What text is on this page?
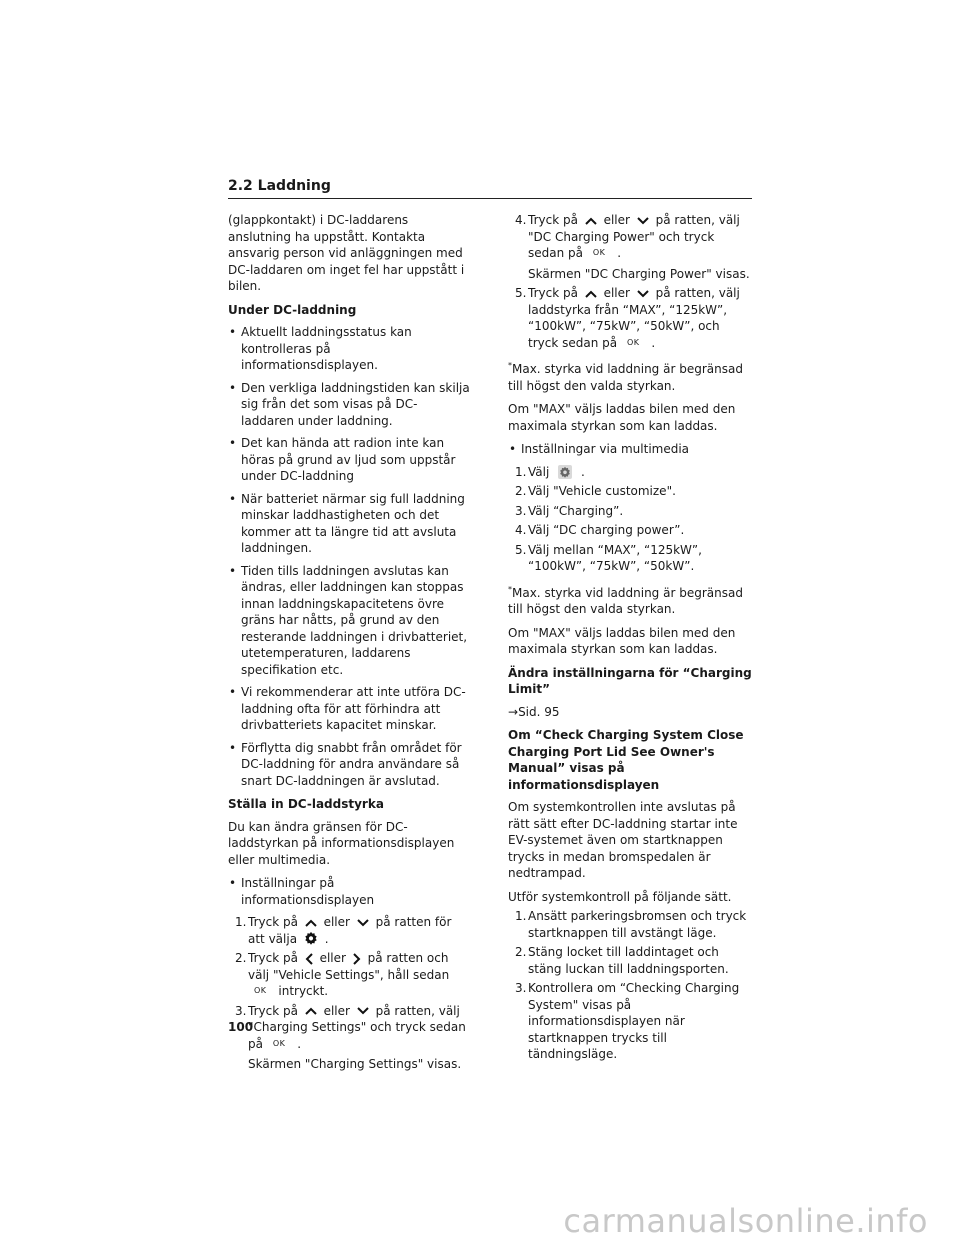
2.2 Laddning

(glappkontakt) i DC-laddarens anslutning ha uppstått. Kontakta ansvarig person vid anläggningen med DC-laddaren om inget fel har uppstått i bilen.

Under DC-laddning

• Aktuellt laddningsstatus kan kontrolleras på informationsdisplayen.
• Den verkliga laddningstiden kan skilja sig från det som visas på DC-laddaren under laddning.
• Det kan hända att radion inte kan höras på grund av ljud som uppstår under DC-laddning
• När batteriet närmar sig full laddning minskar laddhastigheten och det kommer att ta längre tid att avsluta laddningen.
• Tiden tills laddningen avslutas kan ändras, eller laddningen kan stoppas innan laddningskapacitetens övre gräns har nåtts, på grund av den resterande laddningen i drivbatteriet, utetemperaturen, laddarens specifikation etc.
• Vi rekommenderar att inte utföra DC-laddning ofta för att förhindra att drivbatteriets kapacitet minskar.
• Förflytta dig snabbt från området för DC-laddning för andra användare så snart DC-laddningen är avslutad.

Ställa in DC-laddstyrka

Du kan ändra gränsen för DC-laddstyrkan på informationsdisplayen eller multimedia.

• Inställningar på informationsdisplayen
1. Tryck på eller på ratten för att välja .
2. Tryck på eller på ratten och välj "Vehicle Settings", håll sedan OK intryckt.
3. Tryck på eller på ratten, välj "Charging Settings" och tryck sedan på OK .
Skärmen "Charging Settings" visas.
4. Tryck på eller på ratten, välj "DC Charging Power" och tryck sedan på OK .
Skärmen "DC Charging Power" visas.
5. Tryck på eller på ratten, välj laddstyrka från “MAX”, “125kW”, “100kW”, “75kW”, “50kW”, och tryck sedan på OK .

*Max. styrka vid laddning är begränsad till högst den valda styrkan.

Om "MAX" väljs laddas bilen med den maximala styrkan som kan laddas.

• Inställningar via multimedia
1. Välj	.
2. Välj "Vehicle customize".
3. Välj “Charging”.
4. Välj “DC charging power”.
5. Välj mellan “MAX”, “125kW”, “100kW”, “75kW”, “50kW”.

*Max. styrka vid laddning är begränsad till högst den valda styrkan.

Om "MAX" väljs laddas bilen med den maximala styrkan som kan laddas.

Ändra inställningarna för “Charging Limit”

→Sid. 95

Om “Check Charging System Close Charging Port Lid See Owner's Manual” visas på informationsdisplayen

Om systemkontrollen inte avslutas på rätt sätt efter DC-laddning startar inte EV-systemet även om startknappen trycks in medan bromspedalen är nedtrampad.

Utför systemkontroll på följande sätt.

1. Ansätt parkeringsbromsen och tryck startknappen till avstängt läge.
2. Stäng locket till laddintaget och stäng luckan till laddningsporten.
3. Kontrollera om “Checking Charging System" visas på informationsdisplayen när startknappen trycks till tändningsläge.
100
carmanualsonline.info
